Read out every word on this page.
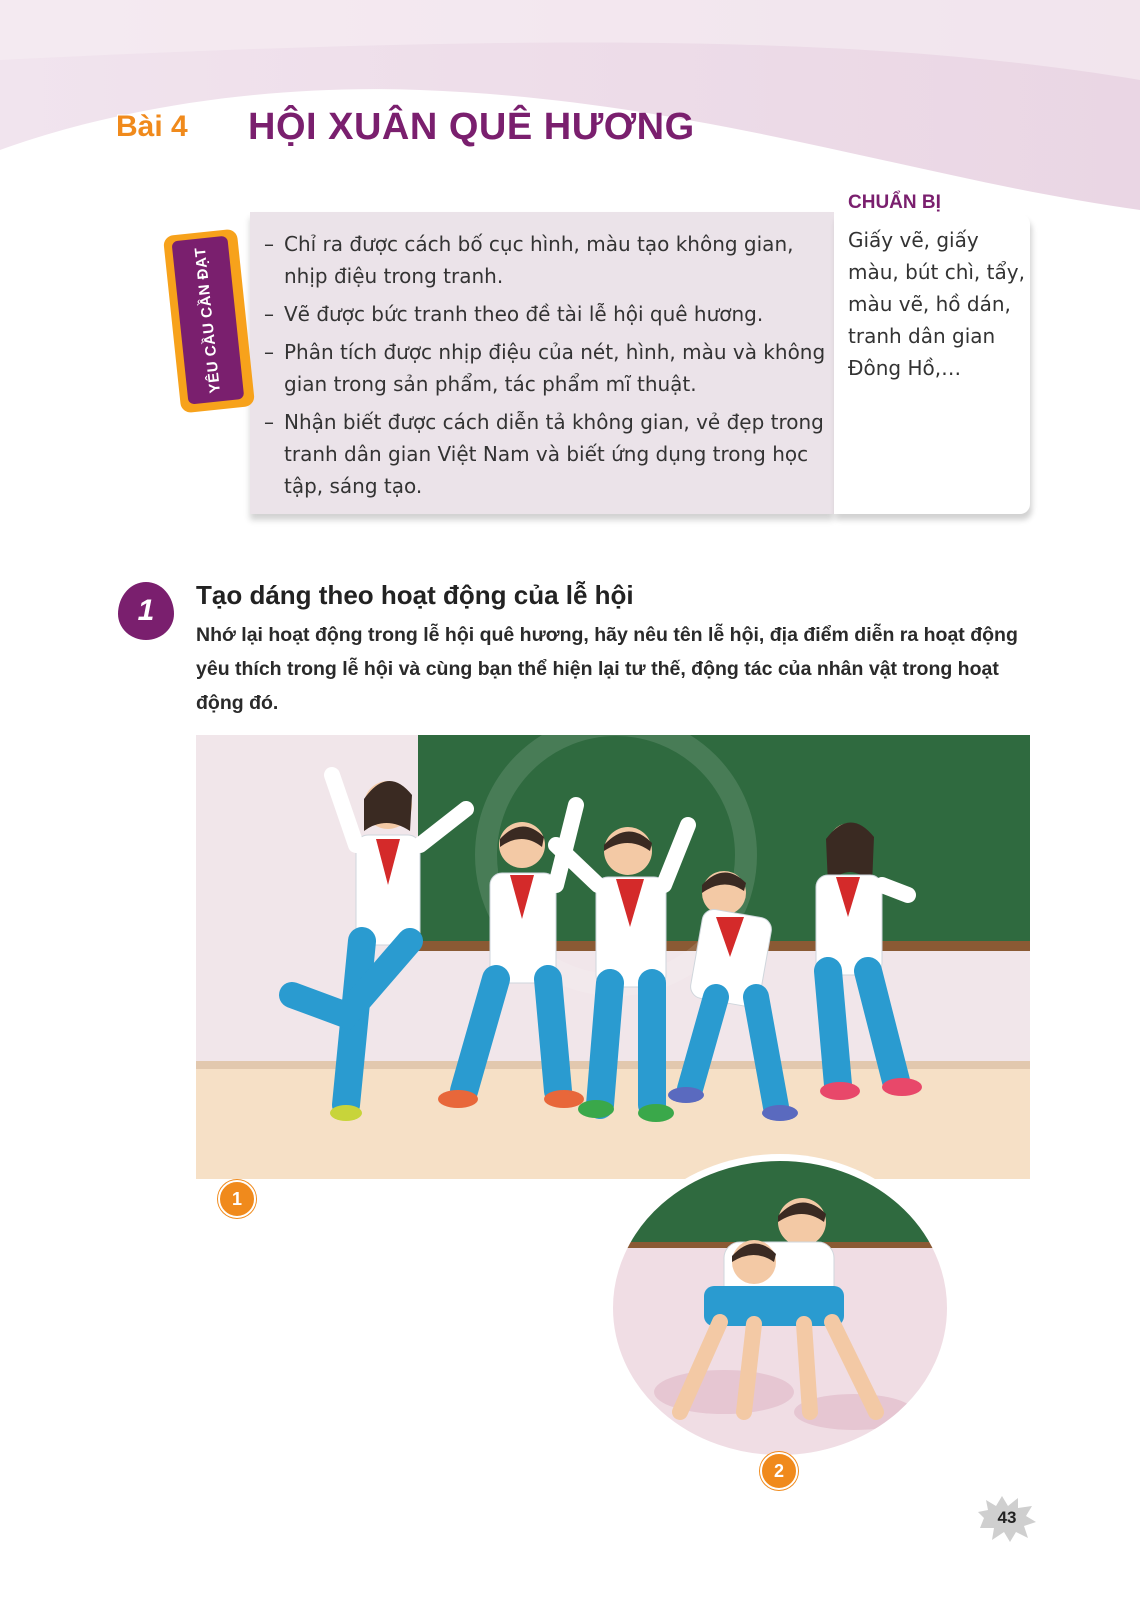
Bài 4 HỘI XUÂN QUÊ HƯƠNG
– Chỉ ra được cách bố cục hình, màu tạo không gian, nhịp điệu trong tranh.
– Vẽ được bức tranh theo đề tài lễ hội quê hương.
– Phân tích được nhịp điệu của nét, hình, màu và không gian trong sản phẩm, tác phẩm mĩ thuật.
– Nhận biết được cách diễn tả không gian, vẻ đẹp trong tranh dân gian Việt Nam và biết ứng dụng trong học tập, sáng tạo.
YÊU CẦU CẦN ĐẠT
Giấy vẽ, giấy màu, bút chì, tẩy, màu vẽ, hồ dán, tranh dân gian Đông Hồ,…
CHUẨN BỊ
1	Tạo dáng theo hoạt động của lễ hội
Nhớ lại hoạt động trong lễ hội quê hương, hãy nêu tên lễ hội, địa điểm diễn ra hoạt động yêu thích trong lễ hội và cùng bạn thể hiện lại tư thế, động tác của nhân vật trong hoạt động đó.
1
2
43
